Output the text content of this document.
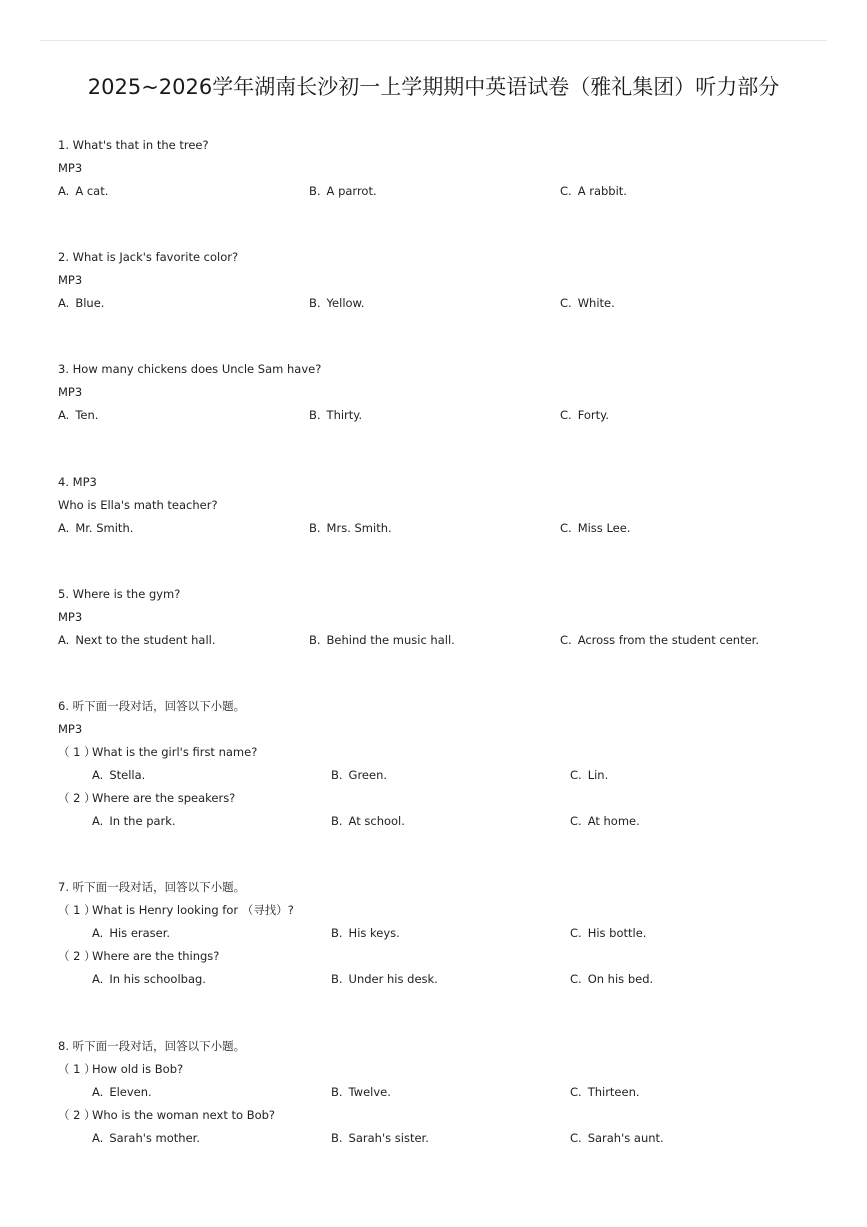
2025~2026学年湖南长沙初一上学期期中英语试卷（雅礼集团）听力部分
1. What's that in the tree?
MP3
A. A cat.	B. A parrot.	C. A rabbit.
2. What is Jack's favorite color?
MP3
A. Blue.	B. Yellow.	C. White.
3. How many chickens does Uncle Sam have?
MP3
A. Ten.	B. Thirty.	C. Forty.
4. MP3
Who is Ella's math teacher?
A. Mr. Smith.	B. Mrs. Smith.	C. Miss Lee.
5. Where is the gym?
MP3
A. Next to the student hall.	B. Behind the music hall.	C. Across from the student center.
6. 听下面一段对话，回答以下小题。
MP3
（ 1 ）What is the girl's first name?
A. Stella.	B. Green.	C. Lin.
（ 2 ）Where are the speakers?
A. In the park.	B. At school.	C. At home.
7. 听下面一段对话，回答以下小题。
（ 1 ）What is Henry looking for （寻找）?
A. His eraser.	B. His keys.	C. His bottle.
（ 2 ）Where are the things?
A. In his schoolbag.	B. Under his desk.	C. On his bed.
8. 听下面一段对话，回答以下小题。
（ 1 ）How old is Bob?
A. Eleven.	B. Twelve.	C. Thirteen.
（ 2 ）Who is the woman next to Bob?
A. Sarah's mother.	B. Sarah's sister.	C. Sarah's aunt.
